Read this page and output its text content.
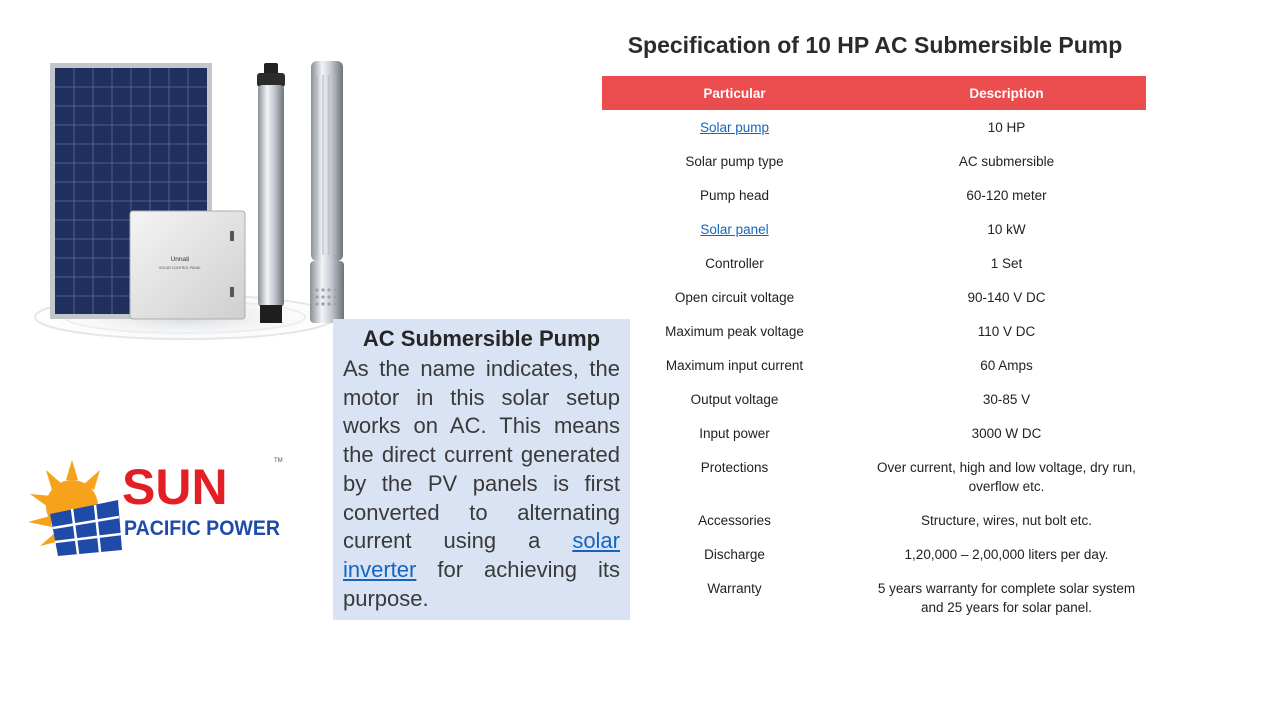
Unnati
SOLAR CONTROL PANEL
SUN
PACIFIC POWER
TM
AC Submersible Pump

As the name indicates, the motor in this solar setup works on AC. This means the direct current generated by the PV panels is first converted to alternating current using a solar inverter for achieving its purpose.

Specification of 10 HP AC Submersible Pump
Particular	Description
Solar pump	10 HP
Solar pump type	AC submersible
Pump head	60-120 meter
Solar panel	10 kW
Controller	1 Set
Open circuit voltage	90-140 V DC
Maximum peak voltage	110 V DC
Maximum input current	60 Amps
Output voltage	30-85 V
Input power	3000 W DC
Protections	Over current, high and low voltage, dry run, overflow etc.
Accessories	Structure, wires, nut bolt etc.
Discharge	1,20,000 – 2,00,000 liters per day.
Warranty	5 years warranty for complete solar system and 25 years for solar panel.
